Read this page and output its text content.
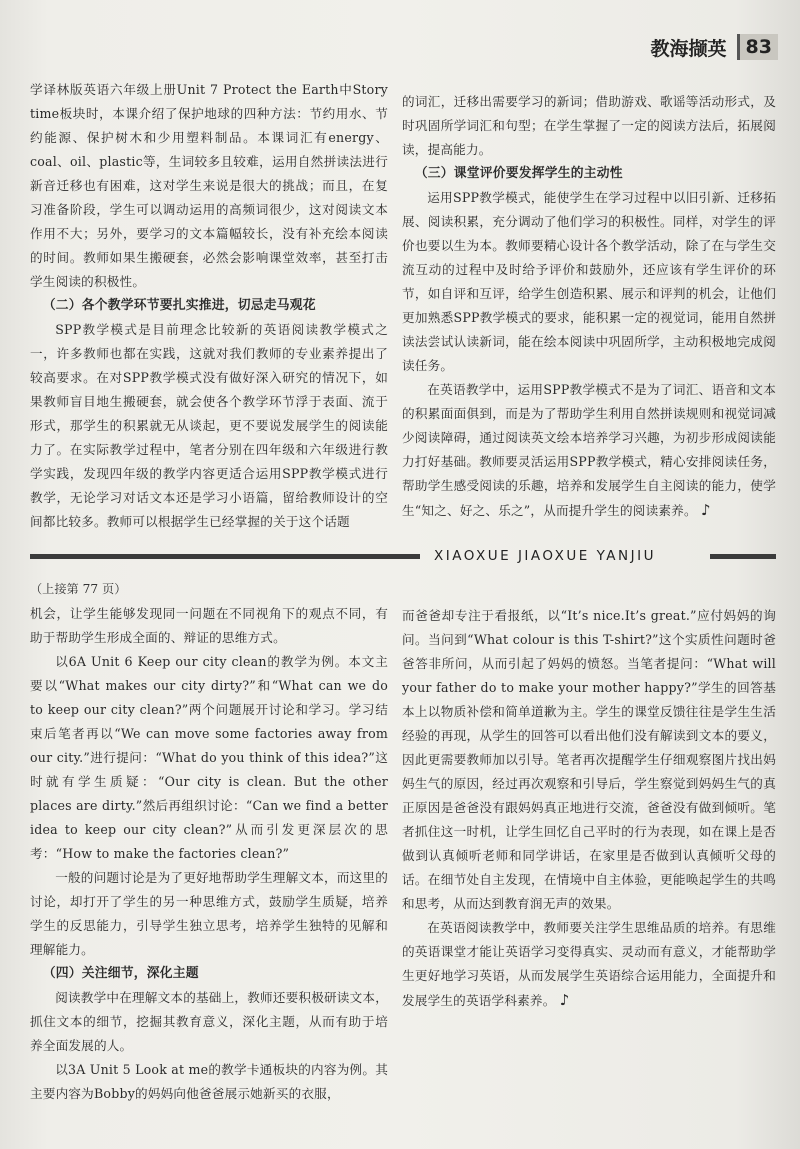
教海撷英	83

学译林版英语六年级上册Unit 7 Protect the Earth中Story time板块时，本课介绍了保护地球的四种方法：节约用水、节约能源、保护树木和少用塑料制品。本课词汇有energy、coal、oil、plastic等，生词较多且较难，运用自然拼读法进行新音迁移也有困难，这对学生来说是很大的挑战；而且，在复习准备阶段，学生可以调动运用的高频词很少，这对阅读文本作用不大；另外，要学习的文本篇幅较长，没有补充绘本阅读的时间。教师如果生搬硬套，必然会影响课堂效率，甚至打击学生阅读的积极性。

（二）各个教学环节要扎实推进，切忌走马观花

SPP教学模式是目前理念比较新的英语阅读教学模式之一，许多教师也都在实践，这就对我们教师的专业素养提出了较高要求。在对SPP教学模式没有做好深入研究的情况下，如果教师盲目地生搬硬套，就会使各个教学环节浮于表面、流于形式，那学生的积累就无从谈起，更不要说发展学生的阅读能力了。在实际教学过程中，笔者分别在四年级和六年级进行教学实践，发现四年级的教学内容更适合运用SPP教学模式进行教学，无论学习对话文本还是学习小语篇，留给教师设计的空间都比较多。教师可以根据学生已经掌握的关于这个话题

的词汇，迁移出需要学习的新词；借助游戏、歌谣等活动形式，及时巩固所学词汇和句型；在学生掌握了一定的阅读方法后，拓展阅读，提高能力。

（三）课堂评价要发挥学生的主动性

运用SPP教学模式，能使学生在学习过程中以旧引新、迁移拓展、阅读积累，充分调动了他们学习的积极性。同样，对学生的评价也要以生为本。教师要精心设计各个教学活动，除了在与学生交流互动的过程中及时给予评价和鼓励外，还应该有学生评价的环节，如自评和互评，给学生创造积累、展示和评判的机会，让他们更加熟悉SPP教学模式的要求，能积累一定的视觉词，能用自然拼读法尝试认读新词，能在绘本阅读中巩固所学，主动积极地完成阅读任务。

在英语教学中，运用SPP教学模式不是为了词汇、语音和文本的积累面面俱到，而是为了帮助学生利用自然拼读规则和视觉词减少阅读障碍，通过阅读英文绘本培养学习兴趣，为初步形成阅读能力打好基础。教师要灵活运用SPP教学模式，精心安排阅读任务，帮助学生感受阅读的乐趣，培养和发展学生自主阅读的能力，使学生“知之、好之、乐之”，从而提升学生的阅读素养。 ♪

XIAOXUE JIAOXUE YANJIU
（上接第 77 页）

机会，让学生能够发现同一问题在不同视角下的观点不同，有助于帮助学生形成全面的、辩证的思维方式。

以6A Unit 6 Keep our city clean的教学为例。本文主要以“What makes our city dirty?”和“What can we do to keep our city clean?”两个问题展开讨论和学习。学习结束后笔者再以“We can move some factories away from our city.”进行提问：“What do you think of this idea?”这时就有学生质疑：“Our city is clean. But the other places are dirty.”然后再组织讨论：“Can we find a better idea to keep our city clean?”从而引发更深层次的思考：“How to make the factories clean?”

一般的问题讨论是为了更好地帮助学生理解文本，而这里的讨论，却打开了学生的另一种思维方式，鼓励学生质疑，培养学生的反思能力，引导学生独立思考，培养学生独特的见解和理解能力。

（四）关注细节，深化主题

阅读教学中在理解文本的基础上，教师还要积极研读文本，抓住文本的细节，挖掘其教育意义，深化主题，从而有助于培养全面发展的人。

以3A Unit 5 Look at me的教学卡通板块的内容为例。其主要内容为Bobby的妈妈向他爸爸展示她新买的衣服，

而爸爸却专注于看报纸，以“It’s nice.It’s great.”应付妈妈的询问。当问到“What colour is this T-shirt?”这个实质性问题时爸爸答非所问，从而引起了妈妈的愤怒。当笔者提问：“What will your father do to make your mother happy?”学生的回答基本上以物质补偿和简单道歉为主。学生的课堂反馈往往是学生生活经验的再现，从学生的回答可以看出他们没有解读到文本的要义，因此更需要教师加以引导。笔者再次提醒学生仔细观察图片找出妈妈生气的原因，经过再次观察和引导后，学生察觉到妈妈生气的真正原因是爸爸没有跟妈妈真正地进行交流，爸爸没有做到倾听。笔者抓住这一时机，让学生回忆自己平时的行为表现，如在课上是否做到认真倾听老师和同学讲话，在家里是否做到认真倾听父母的话。在细节处自主发现，在情境中自主体验，更能唤起学生的共鸣和思考，从而达到教育润无声的效果。

在英语阅读教学中，教师要关注学生思维品质的培养。有思维的英语课堂才能让英语学习变得真实、灵动而有意义，才能帮助学生更好地学习英语，从而发展学生英语综合运用能力，全面提升和发展学生的英语学科素养。 ♪
